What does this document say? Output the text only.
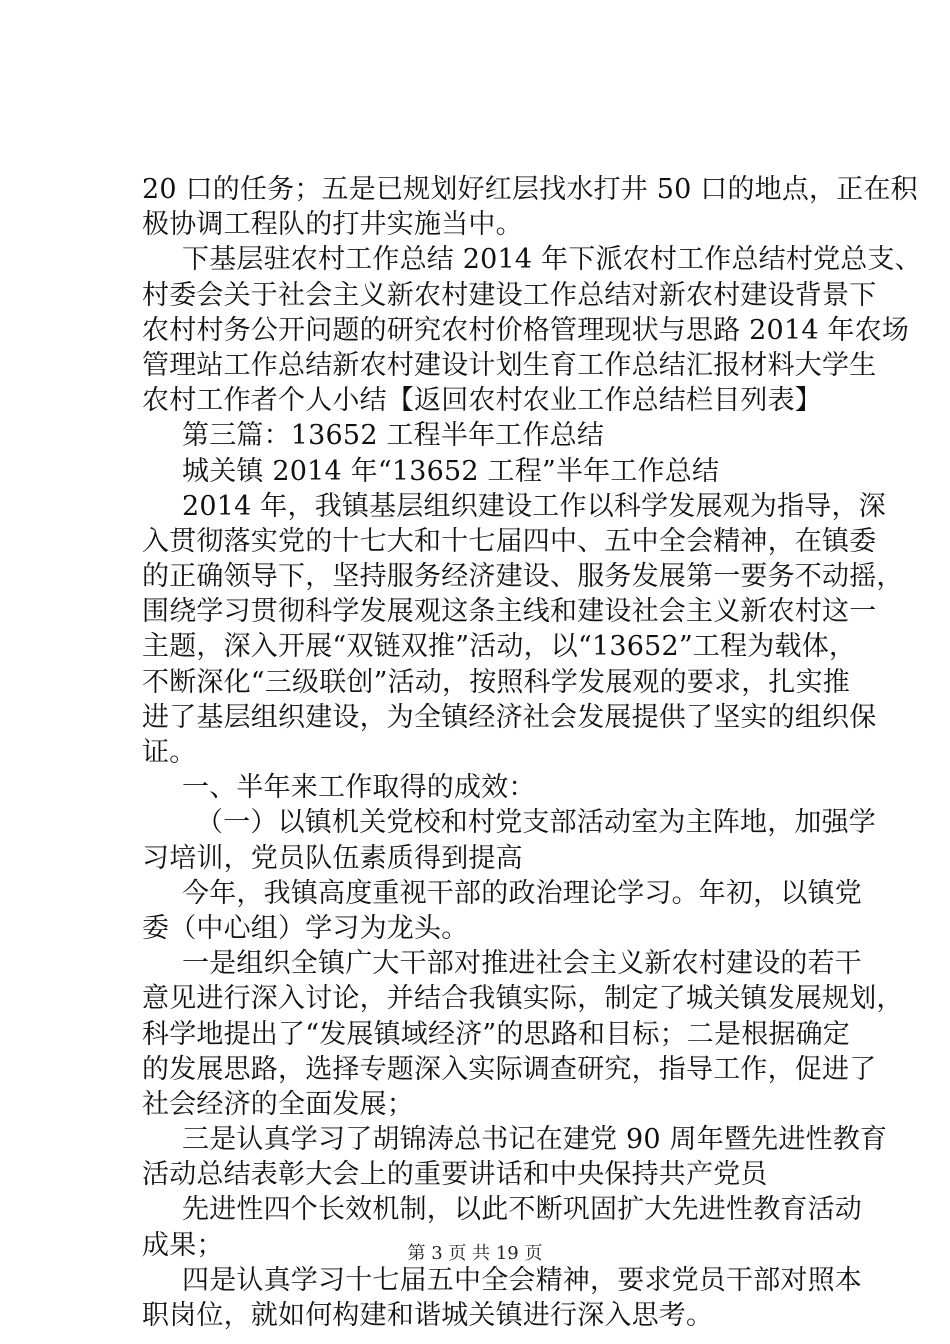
20 口的任务；五是已规划好红层找水打井 50 口的地点，正在积
极协调工程队的打井实施当中。
下基层驻农村工作总结 2014 年下派农村工作总结村党总支、
村委会关于社会主义新农村建设工作总结对新农村建设背景下
农村村务公开问题的研究农村价格管理现状与思路 2014 年农场
管理站工作总结新农村建设计划生育工作总结汇报材料大学生
农村工作者个人小结【返回农村农业工作总结栏目列表】
第三篇：13652 工程半年工作总结
城关镇 2014 年“13652 工程”半年工作总结
2014 年，我镇基层组织建设工作以科学发展观为指导，深
入贯彻落实党的十七大和十七届四中、五中全会精神，在镇委
的正确领导下，坚持服务经济建设、服务发展第一要务不动摇，
围绕学习贯彻科学发展观这条主线和建设社会主义新农村这一
主题，深入开展“双链双推”活动，以“13652”工程为载体，
不断深化“三级联创”活动，按照科学发展观的要求，扎实推
进了基层组织建设，为全镇经济社会发展提供了坚实的组织保
证。
一、半年来工作取得的成效：
（一）以镇机关党校和村党支部活动室为主阵地，加强学
习培训，党员队伍素质得到提高
今年，我镇高度重视干部的政治理论学习。年初，以镇党
委（中心组）学习为龙头。
一是组织全镇广大干部对推进社会主义新农村建设的若干
意见进行深入讨论，并结合我镇实际，制定了城关镇发展规划，
科学地提出了“发展镇域经济”的思路和目标；二是根据确定
的发展思路，选择专题深入实际调查研究，指导工作，促进了
社会经济的全面发展；
三是认真学习了胡锦涛总书记在建党 90 周年暨先进性教育
活动总结表彰大会上的重要讲话和中央保持共产党员
先进性四个长效机制，以此不断巩固扩大先进性教育活动
成果；
四是认真学习十七届五中全会精神，要求党员干部对照本
职岗位，就如何构建和谐城关镇进行深入思考。
第 3 页 共 19 页
